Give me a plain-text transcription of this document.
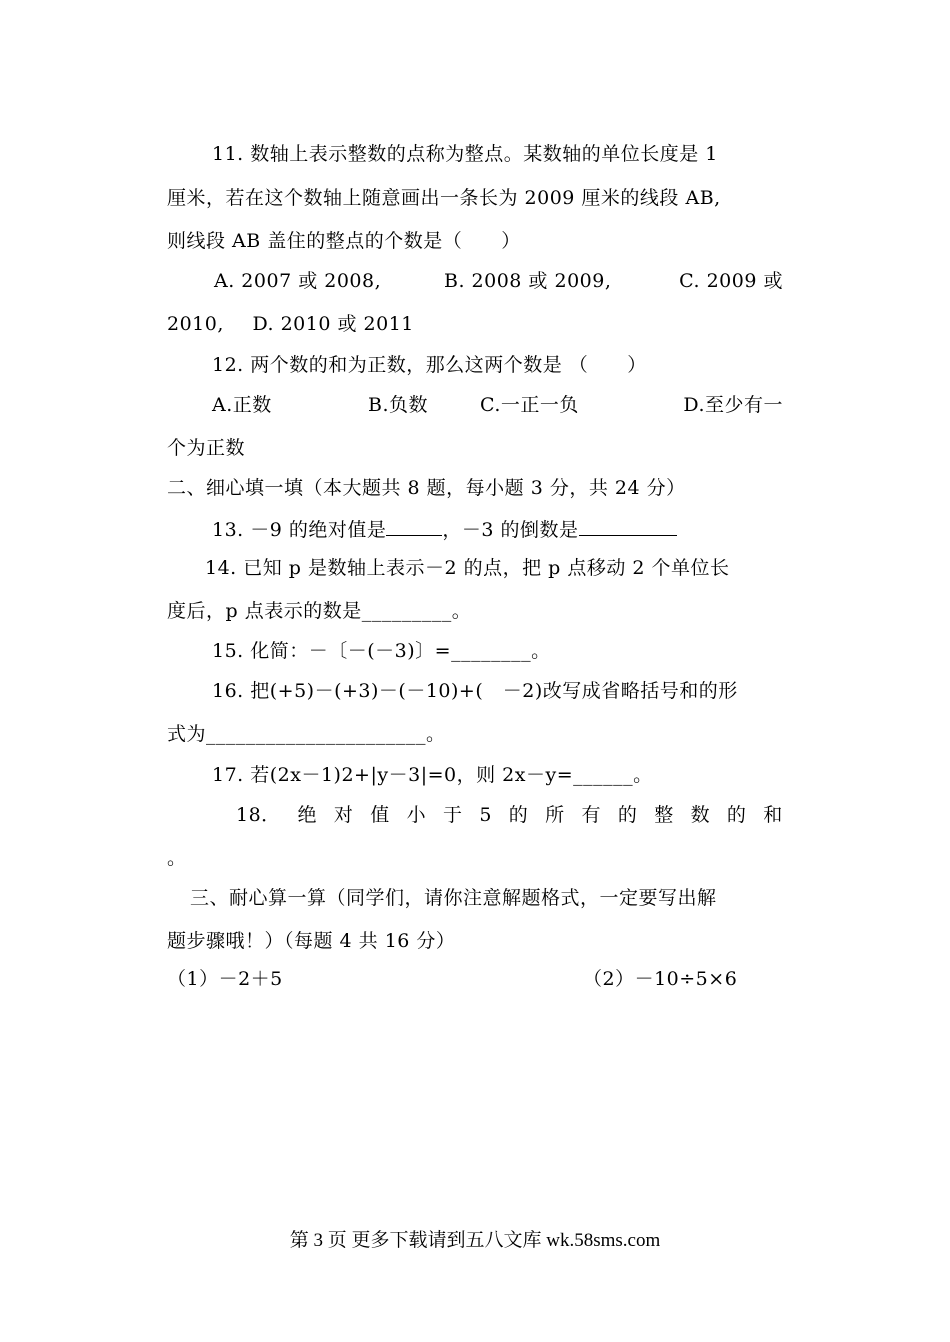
11. 数轴上表示整数的点称为整点。某数轴的单位长度是 1
厘米，若在这个数轴上随意画出一条长为 2009 厘米的线段 AB,
则线段 AB 盖住的整点的个数是（　　）
A. 2007 或 2008,	B. 2008 或 2009,	C. 2009 或
2010, D. 2010 或 2011
12. 两个数的和为正数，那么这两个数是 （　　）
A.正数	B.负数	C.一正一负	D.至少有一
个为正数
二、细心填一填（本大题共 8 题，每小题 3 分，共 24 分）
13. －9 的绝对值是	，－3 的倒数是
14. 已知 p 是数轴上表示－2 的点，把 p 点移动 2 个单位长
度后，p 点表示的数是_________。
15. 化简：－〔－(－3)〕=________。
16. 把(+5)－(+3)－(－10)+(　－2)改写成省略括号和的形
式为______________________。
17. 若(2x－1)2+|y－3|=0，则 2x－y=______。
18． 绝 对 值 小 于 5 的 所 有 的 整 数 的 和
。
三、耐心算一算（同学们，请你注意解题格式，一定要写出解
题步骤哦！）（每题 4 共 16 分）
（1）－2＋5	（2）－10÷5×6
第 3 页 更多下载请到五八文库 wk.58sms.com
